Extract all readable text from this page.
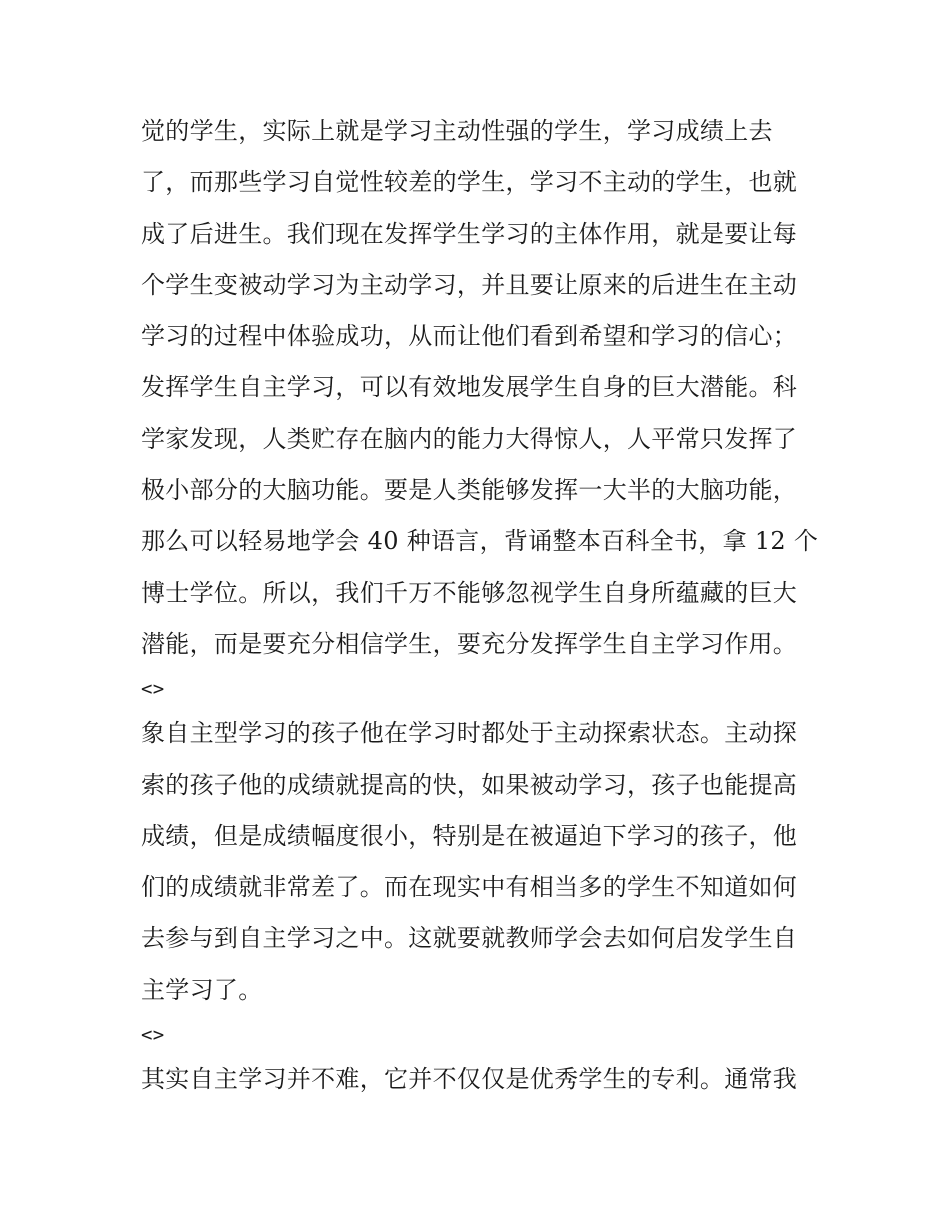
觉的学生，实际上就是学习主动性强的学生，学习成绩上去
了，而那些学习自觉性较差的学生，学习不主动的学生，也就
成了后进生。我们现在发挥学生学习的主体作用，就是要让每
个学生变被动学习为主动学习，并且要让原来的后进生在主动
学习的过程中体验成功，从而让他们看到希望和学习的信心；
发挥学生自主学习，可以有效地发展学生自身的巨大潜能。科
学家发现，人类贮存在脑内的能力大得惊人，人平常只发挥了
极小部分的大脑功能。要是人类能够发挥一大半的大脑功能，
那么可以轻易地学会 40 种语言，背诵整本百科全书，拿 12 个
博士学位。所以，我们千万不能够忽视学生自身所蕴藏的巨大
潜能，而是要充分相信学生，要充分发挥学生自主学习作用。
<>
象自主型学习的孩子他在学习时都处于主动探索状态。主动探
索的孩子他的成绩就提高的快，如果被动学习，孩子也能提高
成绩，但是成绩幅度很小，特别是在被逼迫下学习的孩子，他
们的成绩就非常差了。而在现实中有相当多的学生不知道如何
去参与到自主学习之中。这就要就教师学会去如何启发学生自
主学习了。
<>
其实自主学习并不难，它并不仅仅是优秀学生的专利。通常我
